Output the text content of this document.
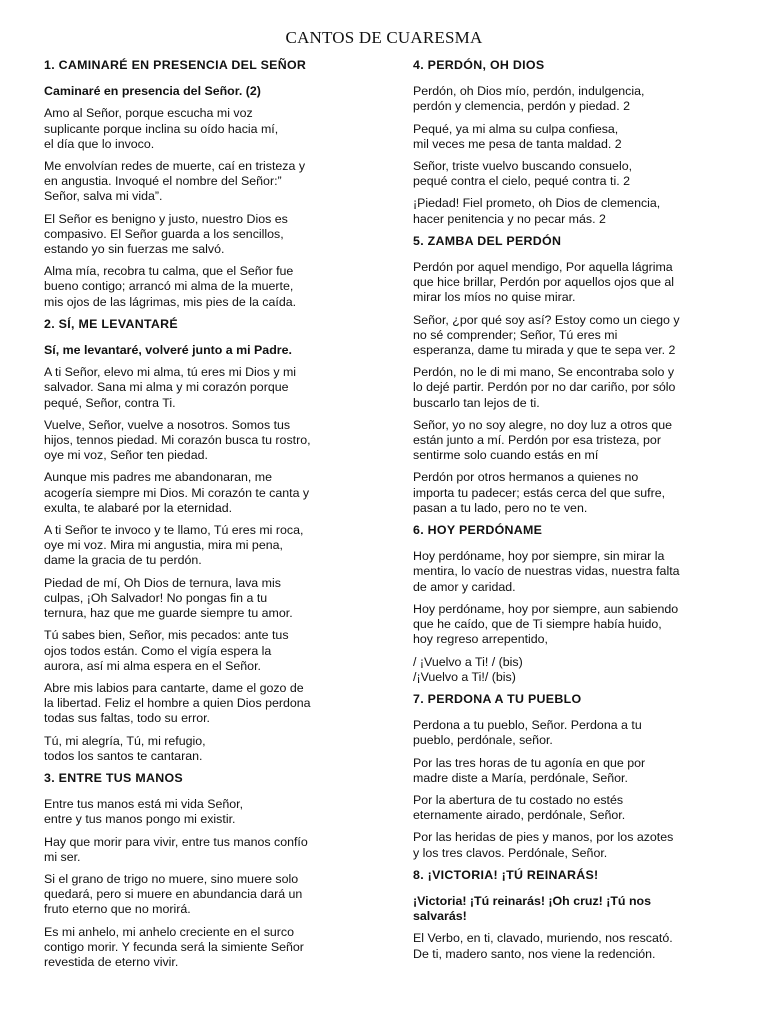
CANTOS DE CUARESMA
1. CAMINARÉ EN PRESENCIA DEL SEÑOR

Caminaré en presencia del Señor. (2)

Amo al Señor, porque escucha mi voz
suplicante porque inclina su oído hacia mí,
el día que lo invoco.

Me envolvían redes de muerte, caí en tristeza y
en angustia. Invoqué el nombre del Señor:”
Señor, salva mi vida”.

El Señor es benigno y justo, nuestro Dios es
compasivo. El Señor guarda a los sencillos,
estando yo sin fuerzas me salvó.

Alma mía, recobra tu calma, que el Señor fue
bueno contigo; arrancó mi alma de la muerte,
mis ojos de las lágrimas, mis pies de la caída.

2. SÍ, ME LEVANTARÉ

Sí, me levantaré, volveré junto a mi Padre.

A ti Señor, elevo mi alma, tú eres mi Dios y mi
salvador. Sana mi alma y mi corazón porque
pequé, Señor, contra Ti.

Vuelve, Señor, vuelve a nosotros. Somos tus
hijos, tennos piedad. Mi corazón busca tu rostro,
oye mi voz, Señor ten piedad.

Aunque mis padres me abandonaran, me
acogería siempre mi Dios. Mi corazón te canta y
exulta, te alabaré por la eternidad.

A ti Señor te invoco y te llamo, Tú eres mi roca,
oye mi voz. Mira mi angustia, mira mi pena,
dame la gracia de tu perdón.

Piedad de mí, Oh Dios de ternura, lava mis
culpas, ¡Oh Salvador! No pongas fin a tu
ternura, haz que me guarde siempre tu amor.

Tú sabes bien, Señor, mis pecados: ante tus
ojos todos están. Como el vigía espera la
aurora, así mi alma espera en el Señor.

Abre mis labios para cantarte, dame el gozo de
la libertad. Feliz el hombre a quien Dios perdona
todas sus faltas, todo su error.

Tú, mi alegría, Tú, mi refugio,
todos los santos te cantaran.

3. ENTRE TUS MANOS

Entre tus manos está mi vida Señor,
entre y tus manos pongo mi existir.

Hay que morir para vivir, entre tus manos confío
mi ser.

Si el grano de trigo no muere, sino muere solo
quedará, pero si muere en abundancia dará un
fruto eterno que no morirá.

Es mi anhelo, mi anhelo creciente en el surco
contigo morir. Y fecunda será la simiente Señor
revestida de eterno vivir.

4. PERDÓN, OH DIOS

Perdón, oh Dios mío, perdón, indulgencia,
perdón y clemencia, perdón y piedad. 2

Pequé, ya mi alma su culpa confiesa,
mil veces me pesa de tanta maldad. 2

Señor, triste vuelvo buscando consuelo,
pequé contra el cielo, pequé contra ti. 2

¡Piedad! Fiel prometo, oh Dios de clemencia,
hacer penitencia y no pecar más. 2

5. ZAMBA DEL PERDÓN

Perdón por aquel mendigo, Por aquella lágrima
que hice brillar, Perdón por aquellos ojos que al
mirar los míos no quise mirar.

Señor, ¿por qué soy así? Estoy como un ciego y
no sé comprender; Señor, Tú eres mi
esperanza, dame tu mirada y que te sepa ver. 2

Perdón, no le di mi mano, Se encontraba solo y
lo dejé partir. Perdón por no dar cariño, por sólo
buscarlo tan lejos de ti.

Señor, yo no soy alegre, no doy luz a otros que
están junto a mí. Perdón por esa tristeza, por
sentirme solo cuando estás en mí

Perdón por otros hermanos a quienes no
importa tu padecer; estás cerca del que sufre,
pasan a tu lado, pero no te ven.

6. HOY PERDÓNAME

Hoy perdóname, hoy por siempre, sin mirar la
mentira, lo vacío de nuestras vidas, nuestra falta
de amor y caridad.

Hoy perdóname, hoy por siempre, aun sabiendo
que he caído, que de Ti siempre había huido,
hoy regreso arrepentido,

/ ¡Vuelvo a Ti! / (bis)
/¡Vuelvo a Ti!/ (bis)

7. PERDONA A TU PUEBLO

Perdona a tu pueblo, Señor. Perdona a tu
pueblo, perdónale, señor.

Por las tres horas de tu agonía en que por
madre diste a María, perdónale, Señor.

Por la abertura de tu costado no estés
eternamente airado, perdónale, Señor.

Por las heridas de pies y manos, por los azotes
y los tres clavos. Perdónale, Señor.

8. ¡VICTORIA! ¡TÚ REINARÁS!

¡Victoria! ¡Tú reinarás! ¡Oh cruz! ¡Tú nos
salvarás!

El Verbo, en ti, clavado, muriendo, nos rescató.
De ti, madero santo, nos viene la redención.
